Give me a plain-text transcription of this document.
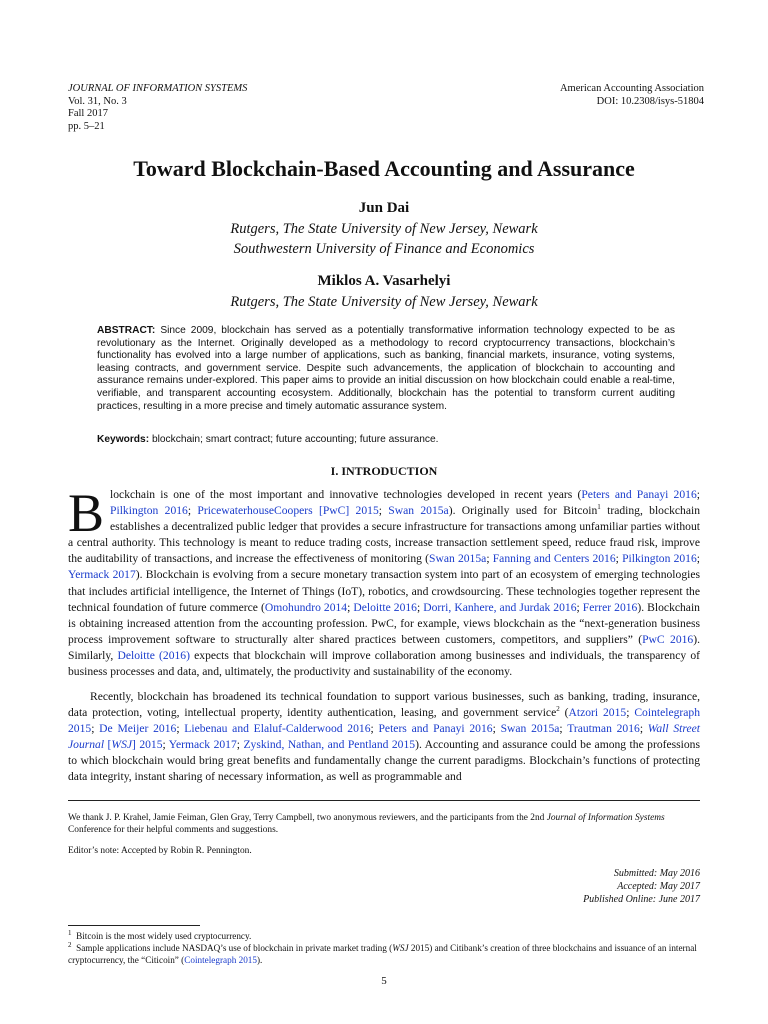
JOURNAL OF INFORMATION SYSTEMS
Vol. 31, No. 3
Fall 2017
pp. 5–21
American Accounting Association
DOI: 10.2308/isys-51804
Toward Blockchain-Based Accounting and Assurance
Jun Dai
Rutgers, The State University of New Jersey, Newark
Southwestern University of Finance and Economics
Miklos A. Vasarhelyi
Rutgers, The State University of New Jersey, Newark
ABSTRACT: Since 2009, blockchain has served as a potentially transformative information technology expected to be as revolutionary as the Internet. Originally developed as a methodology to record cryptocurrency transactions, blockchain’s functionality has evolved into a large number of applications, such as banking, financial markets, insurance, voting systems, leasing contracts, and government service. Despite such advancements, the application of blockchain to accounting and assurance remains under-explored. This paper aims to provide an initial discussion on how blockchain could enable a real-time, verifiable, and transparent accounting ecosystem. Additionally, blockchain has the potential to transform current auditing practices, resulting in a more precise and timely automatic assurance system.
Keywords: blockchain; smart contract; future accounting; future assurance.
I. INTRODUCTION
Blockchain is one of the most important and innovative technologies developed in recent years (Peters and Panayi 2016; Pilkington 2016; PricewaterhouseCoopers [PwC] 2015; Swan 2015a). Originally used for Bitcoin$^1$ trading, blockchain establishes a decentralized public ledger that provides a secure infrastructure for transactions among unfamiliar parties without a central authority. This technology is meant to reduce trading costs, increase transaction settlement speed, reduce fraud risk, improve the auditability of transactions, and increase the effectiveness of monitoring (Swan 2015a; Fanning and Centers 2016; Pilkington 2016; Yermack 2017). Blockchain is evolving from a secure monetary transaction system into part of an ecosystem of emerging technologies that includes artificial intelligence, the Internet of Things (IoT), robotics, and crowdsourcing. These technologies together represent the technical foundation of future commerce (Omohundro 2014; Deloitte 2016; Dorri, Kanhere, and Jurdak 2016; Ferrer 2016). Blockchain is obtaining increased attention from the accounting profession. PwC, for example, views blockchain as the “next-generation business process improvement software to structurally alter shared practices between customers, competitors, and suppliers” (PwC 2016). Similarly, Deloitte (2016) expects that blockchain will improve collaboration among businesses and individuals, the transparency of business processes and data, and, ultimately, the productivity and sustainability of the economy.
Recently, blockchain has broadened its technical foundation to support various businesses, such as banking, trading, insurance, data protection, voting, intellectual property, identity authentication, leasing, and government service$^2$ (Atzori 2015; Cointelegraph 2015; De Meijer 2016; Liebenau and Elaluf-Calderwood 2016; Peters and Panayi 2016; Swan 2015a; Trautman 2016; Wall Street Journal [WSJ] 2015; Yermack 2017; Zyskind, Nathan, and Pentland 2015). Accounting and assurance could be among the professions to which blockchain would bring great benefits and fundamentally change the current paradigms. Blockchain’s functions of protecting data integrity, instant sharing of necessary information, as well as programmable and
We thank J. P. Krahel, Jamie Feiman, Glen Gray, Terry Campbell, two anonymous reviewers, and the participants from the 2nd Journal of Information Systems Conference for their helpful comments and suggestions.
Editor’s note: Accepted by Robin R. Pennington.
Submitted: May 2016
Accepted: May 2017
Published Online: June 2017
$^1$ Bitcoin is the most widely used cryptocurrency.
$^2$ Sample applications include NASDAQ’s use of blockchain in private market trading (WSJ 2015) and Citibank’s creation of three blockchains and issuance of an internal cryptocurrency, the “Citicoin” (Cointelegraph 2015).
5
